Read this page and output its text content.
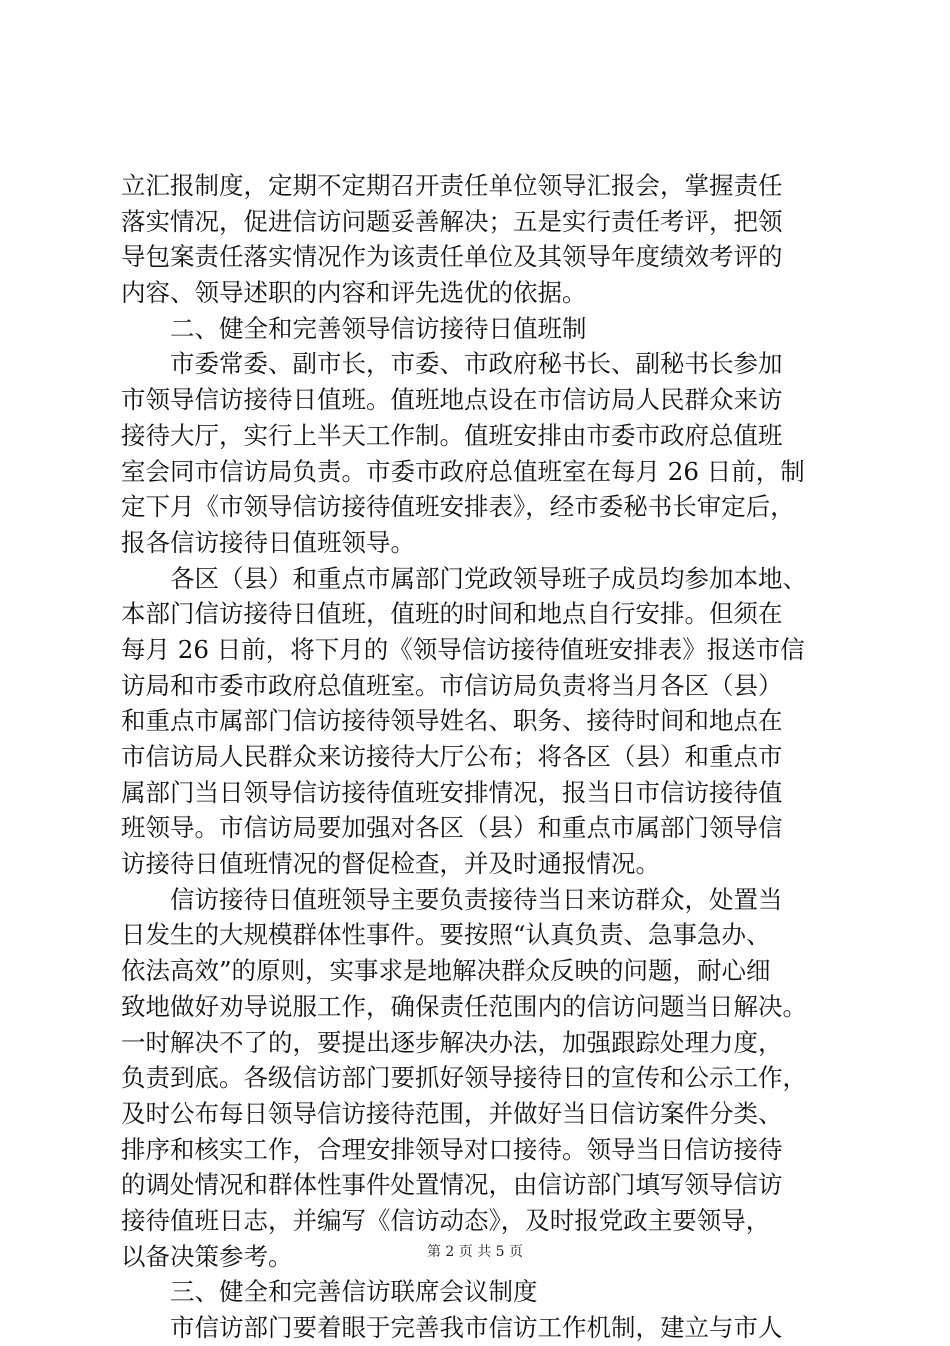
立汇报制度，定期不定期召开责任单位领导汇报会，掌握责任
落实情况，促进信访问题妥善解决；五是实行责任考评，把领
导包案责任落实情况作为该责任单位及其领导年度绩效考评的
内容、领导述职的内容和评先选优的依据。
　　二、健全和完善领导信访接待日值班制
　　市委常委、副市长，市委、市政府秘书长、副秘书长参加
市领导信访接待日值班。值班地点设在市信访局人民群众来访
接待大厅，实行上半天工作制。值班安排由市委市政府总值班
室会同市信访局负责。市委市政府总值班室在每月 26 日前，制
定下月《市领导信访接待值班安排表》，经市委秘书长审定后，
报各信访接待日值班领导。
　　各区（县）和重点市属部门党政领导班子成员均参加本地、
本部门信访接待日值班，值班的时间和地点自行安排。但须在
每月 26 日前，将下月的《领导信访接待值班安排表》报送市信
访局和市委市政府总值班室。市信访局负责将当月各区（县）
和重点市属部门信访接待领导姓名、职务、接待时间和地点在
市信访局人民群众来访接待大厅公布；将各区（县）和重点市
属部门当日领导信访接待值班安排情况，报当日市信访接待值
班领导。市信访局要加强对各区（县）和重点市属部门领导信
访接待日值班情况的督促检查，并及时通报情况。
　　信访接待日值班领导主要负责接待当日来访群众，处置当
日发生的大规模群体性事件。要按照“认真负责、急事急办、
依法高效”的原则，实事求是地解决群众反映的问题，耐心细
致地做好劝导说服工作，确保责任范围内的信访问题当日解决。
一时解决不了的，要提出逐步解决办法，加强跟踪处理力度，
负责到底。各级信访部门要抓好领导接待日的宣传和公示工作，
及时公布每日领导信访接待范围，并做好当日信访案件分类、
排序和核实工作，合理安排领导对口接待。领导当日信访接待
的调处情况和群体性事件处置情况，由信访部门填写领导信访
接待值班日志，并编写《信访动态》，及时报党政主要领导，
以备决策参考。
　　三、健全和完善信访联席会议制度
　　市信访部门要着眼于完善我市信访工作机制，建立与市人
第 2 页 共 5 页
